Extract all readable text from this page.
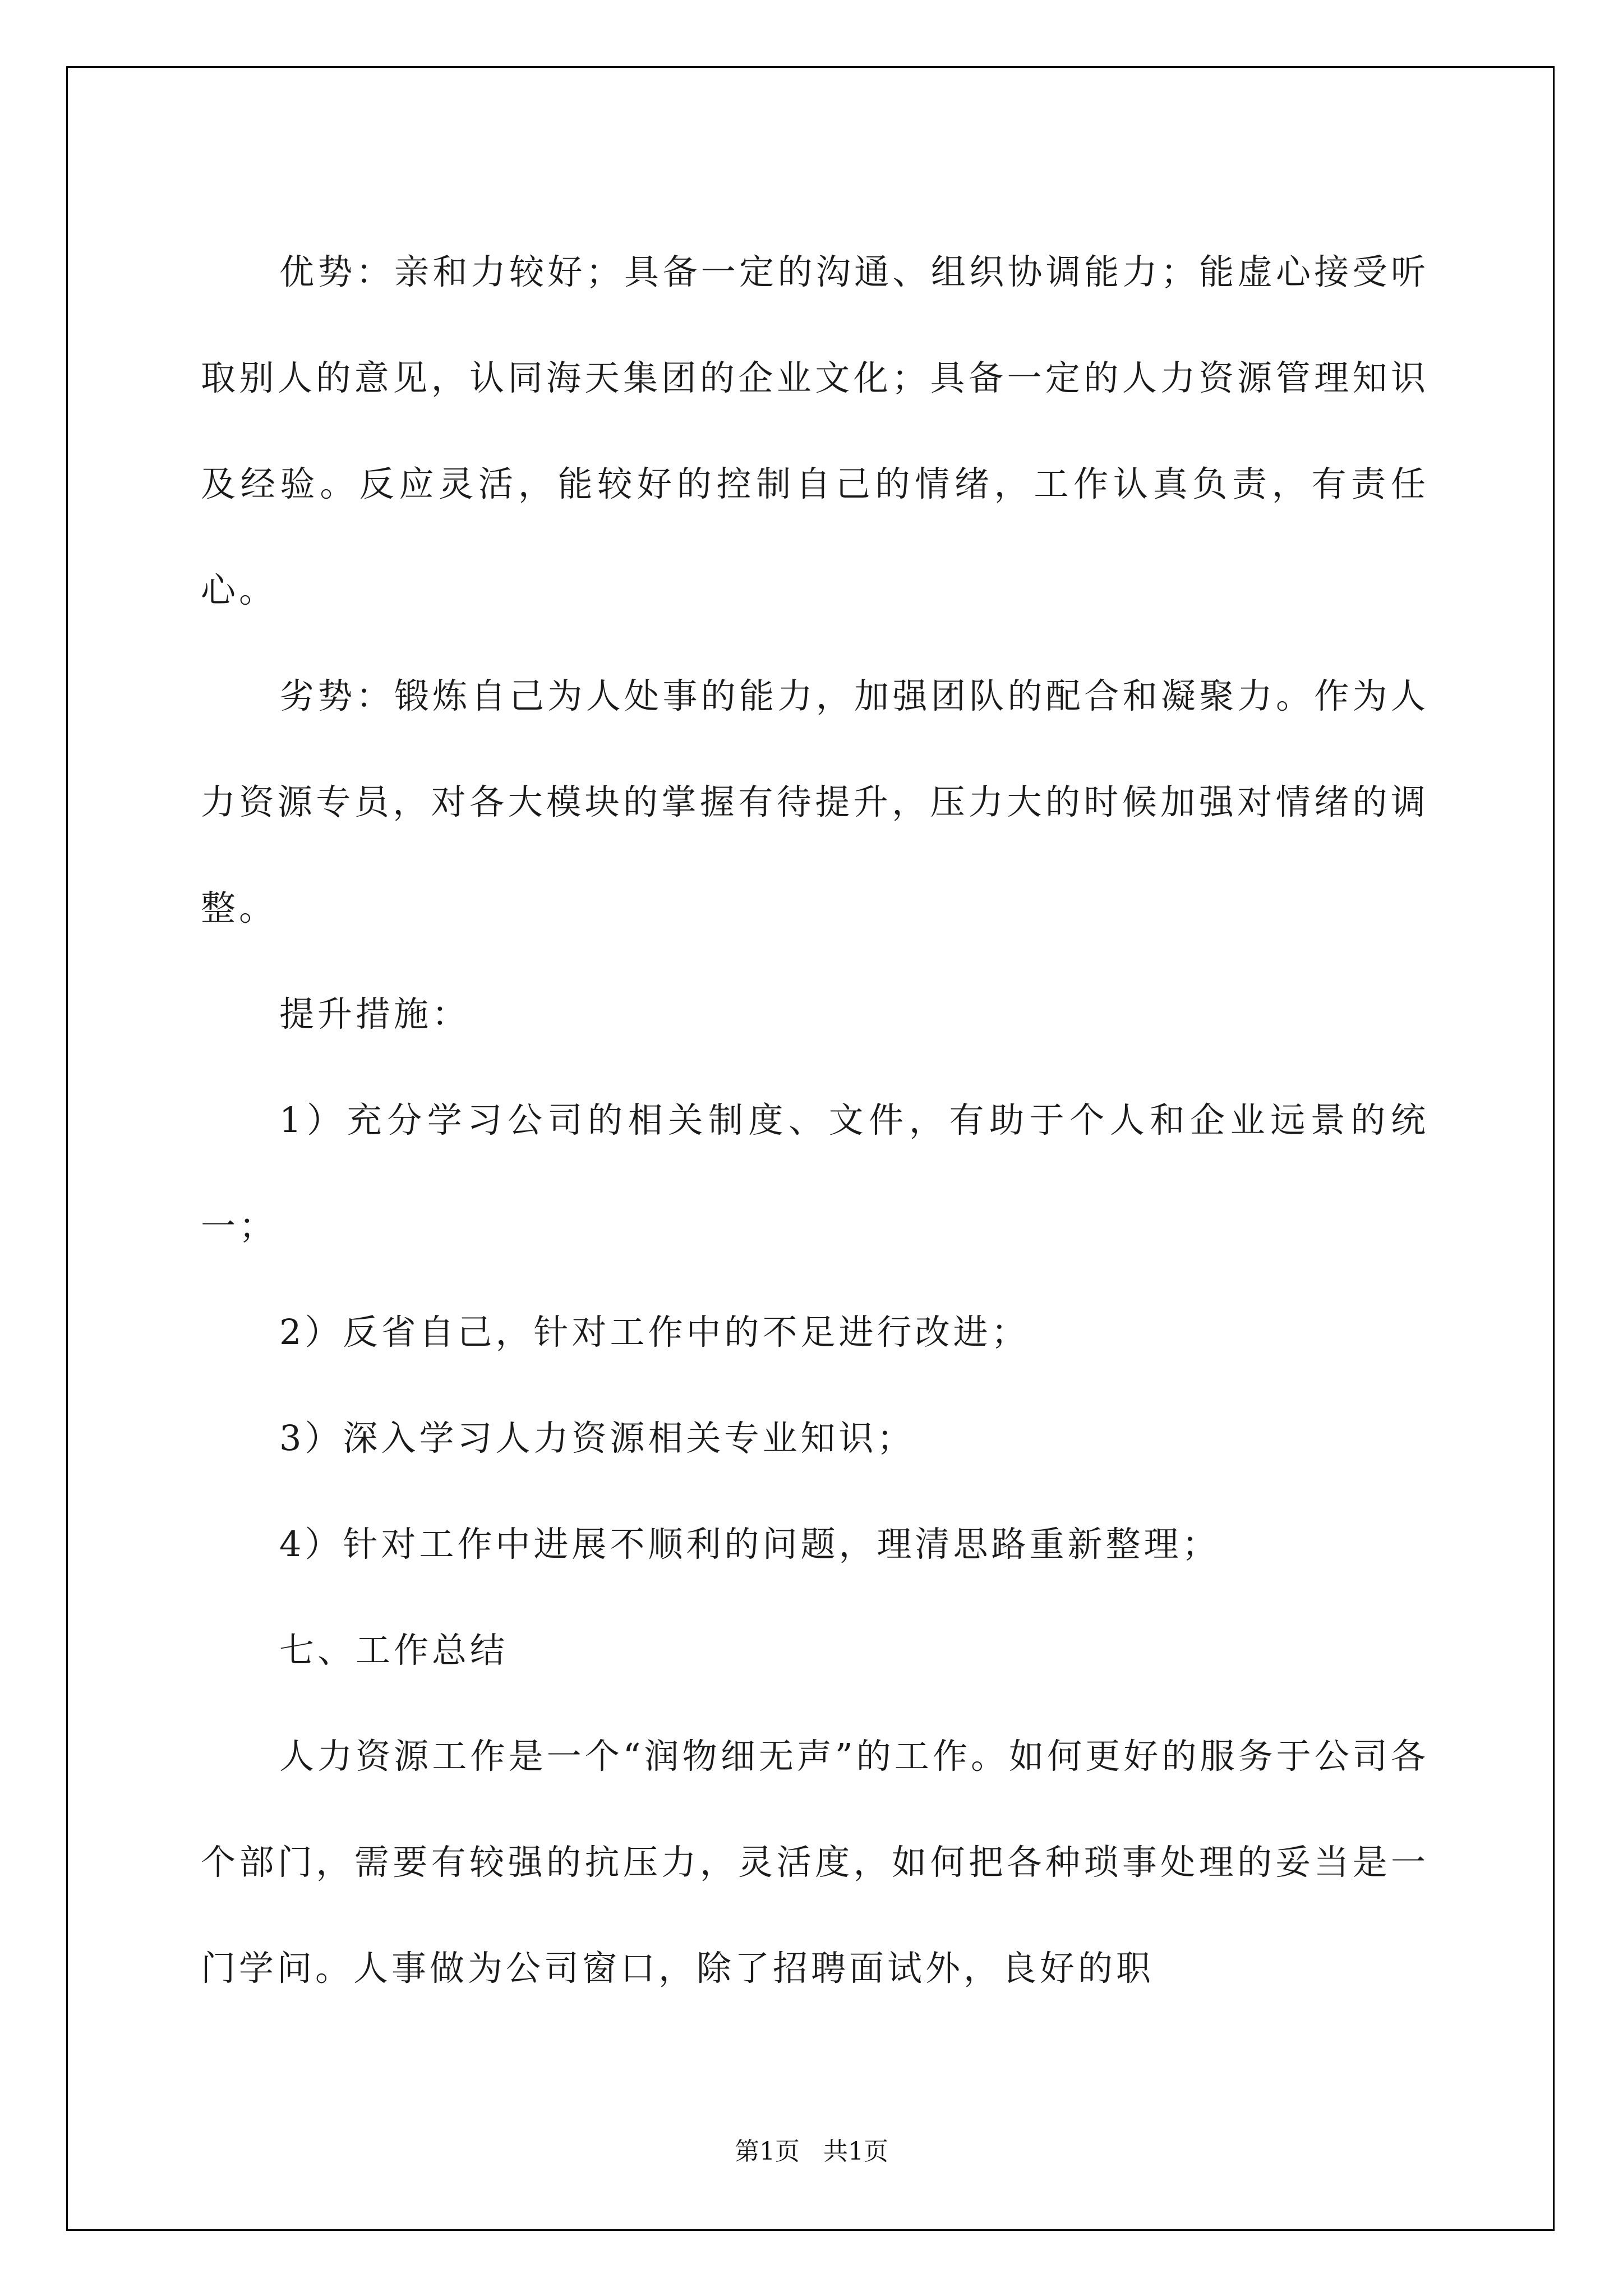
优势：亲和力较好；具备一定的沟通、组织协调能力；能虚心接受听取别人的意见，认同海天集团的企业文化；具备一定的人力资源管理知识及经验。反应灵活，能较好的控制自己的情绪，工作认真负责，有责任心。

劣势：锻炼自己为人处事的能力，加强团队的配合和凝聚力。作为人力资源专员，对各大模块的掌握有待提升，压力大的时候加强对情绪的调整。

提升措施：

1）充分学习公司的相关制度、文件，有助于个人和企业远景的统一；

2）反省自己，针对工作中的不足进行改进；

3）深入学习人力资源相关专业知识；

4）针对工作中进展不顺利的问题，理清思路重新整理；

七、工作总结

人力资源工作是一个“润物细无声”的工作。如何更好的服务于公司各个部门，需要有较强的抗压力，灵活度，如何把各种琐事处理的妥当是一门学问。人事做为公司窗口，除了招聘面试外，良好的职

第1页   共1页
